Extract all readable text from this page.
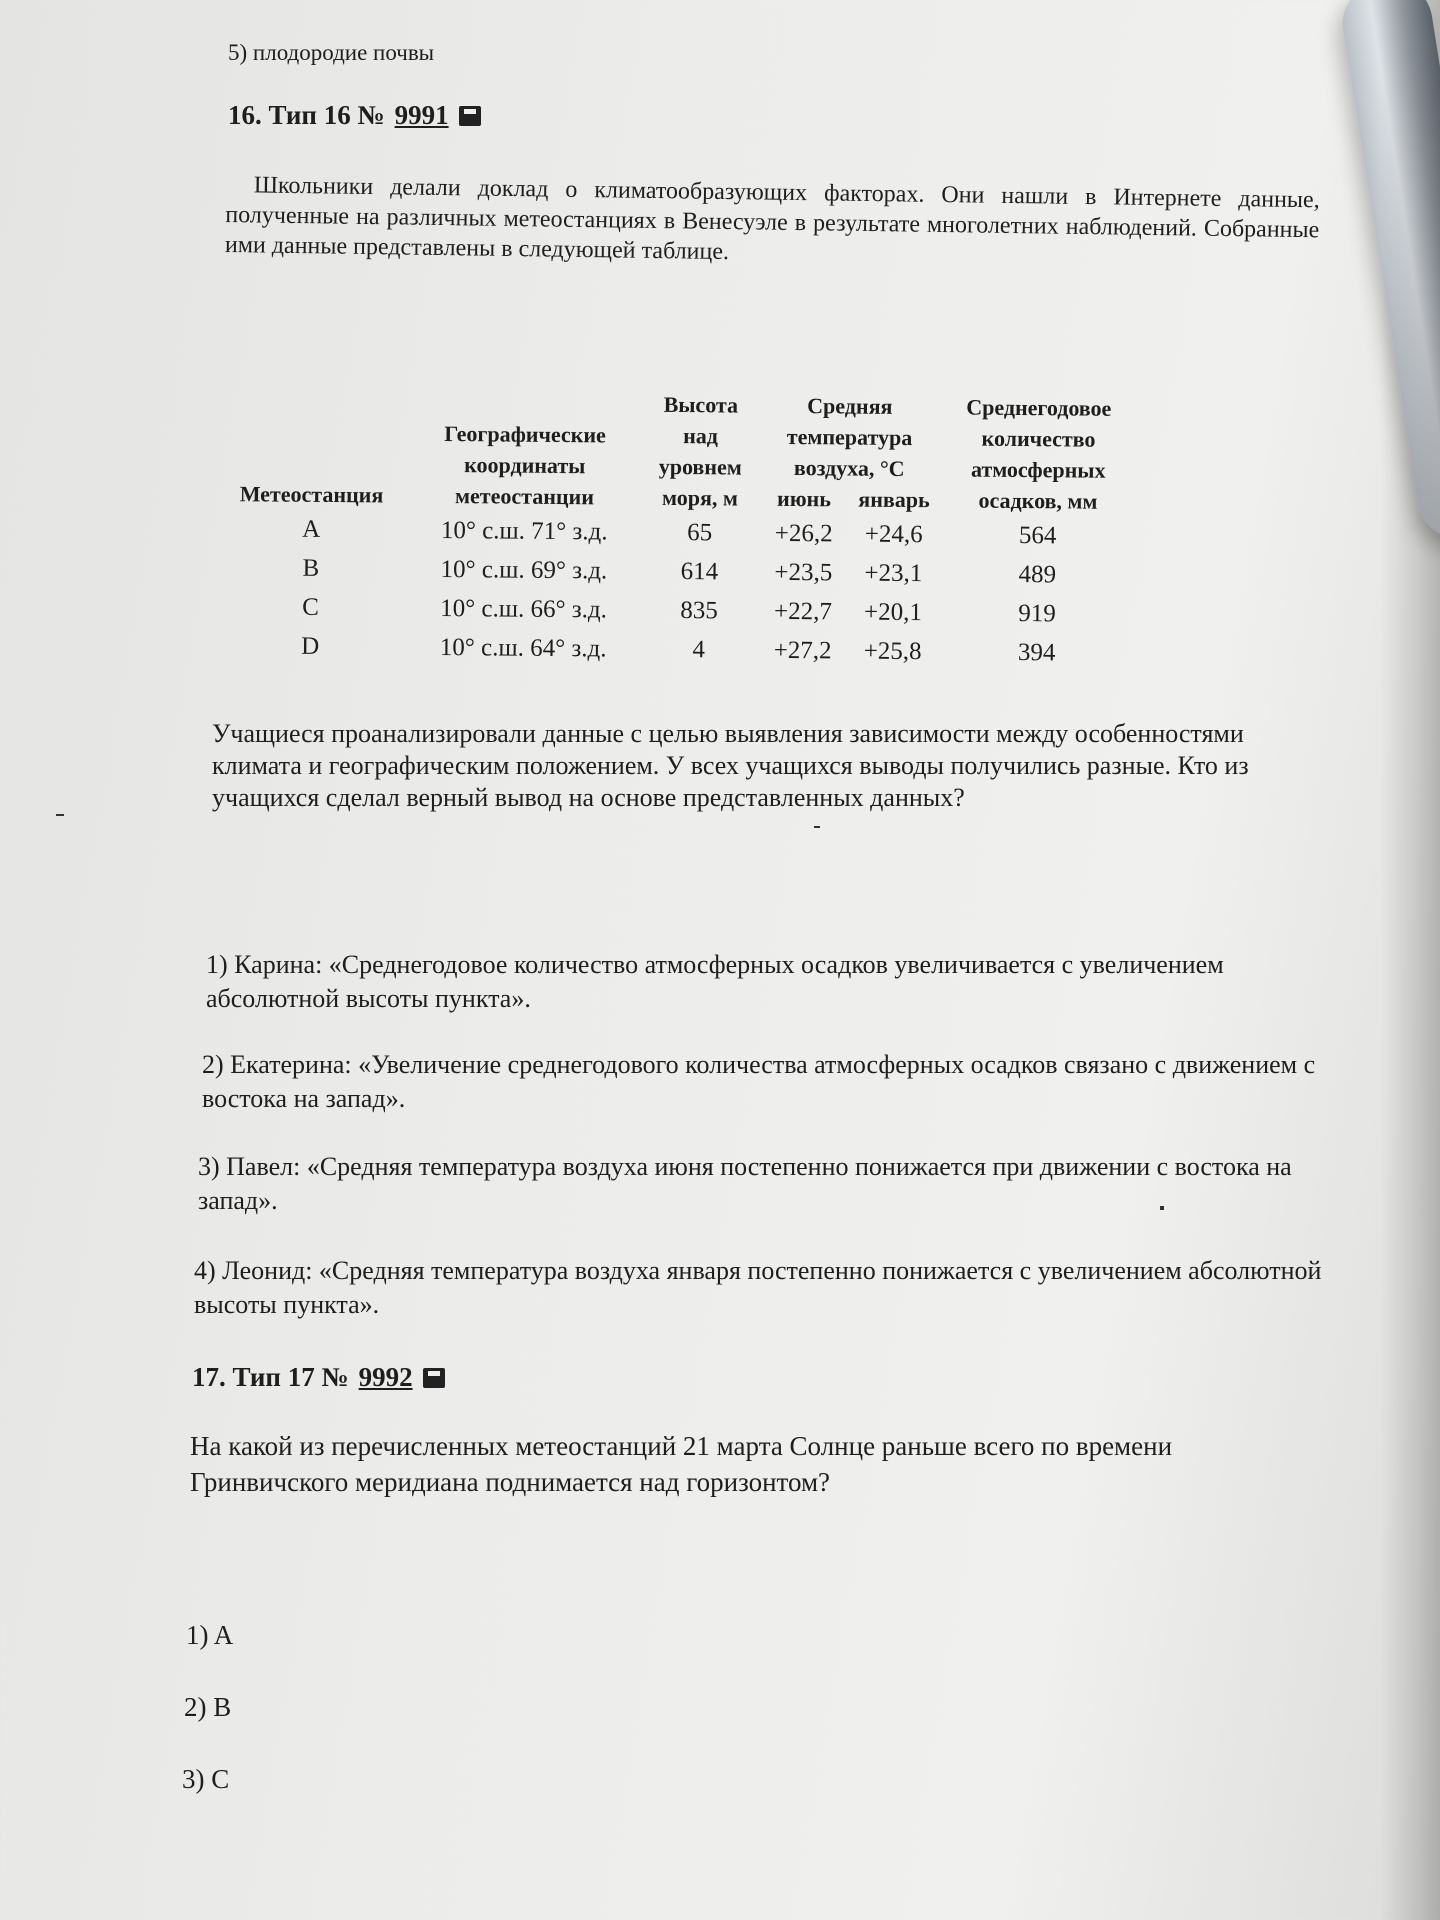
5) плодородие почвы
16. Тип 16 № 9991
Школьники делали доклад о климатообразующих факторах. Они нашли в Интернете данные, полученные на различных метеостанциях в Венесуэле в результате многолетних наблюдений. Собранные ими данные представлены в следующей таблице.
Метеостанция	Географические координаты метеостанции	Высота над уровнем моря, м	Средняя температура воздуха, °С		Среднегодовое количество атмосферных осадков, мм
			июнь	январь	
A	10° с.ш. 71° з.д.	65	+26,2	+24,6	564
B	10° с.ш. 69° з.д.	614	+23,5	+23,1	489
C	10° с.ш. 66° з.д.	835	+22,7	+20,1	919
D	10° с.ш. 64° з.д.	4	+27,2	+25,8	394
Учащиеся проанализировали данные с целью выявления зависимости между особенностями климата и географическим положением. У всех учащихся выводы получились разные. Кто из учащихся сделал верный вывод на основе представленных данных?
1) Карина: «Среднегодовое количество атмосферных осадков увеличивается с увеличением абсолютной высоты пункта».
2) Екатерина: «Увеличение среднегодового количества атмосферных осадков связано с движением с востока на запад».
3) Павел: «Средняя температура воздуха июня постепенно понижается при движении с востока на запад».
4) Леонид: «Средняя температура воздуха января постепенно понижается с увеличением абсолютной высоты пункта».
17. Тип 17 № 9992
На какой из перечисленных метеостанций 21 марта Солнце раньше всего по времени Гринвичского меридиана поднимается над горизонтом?
1) A
2) B
3) C
